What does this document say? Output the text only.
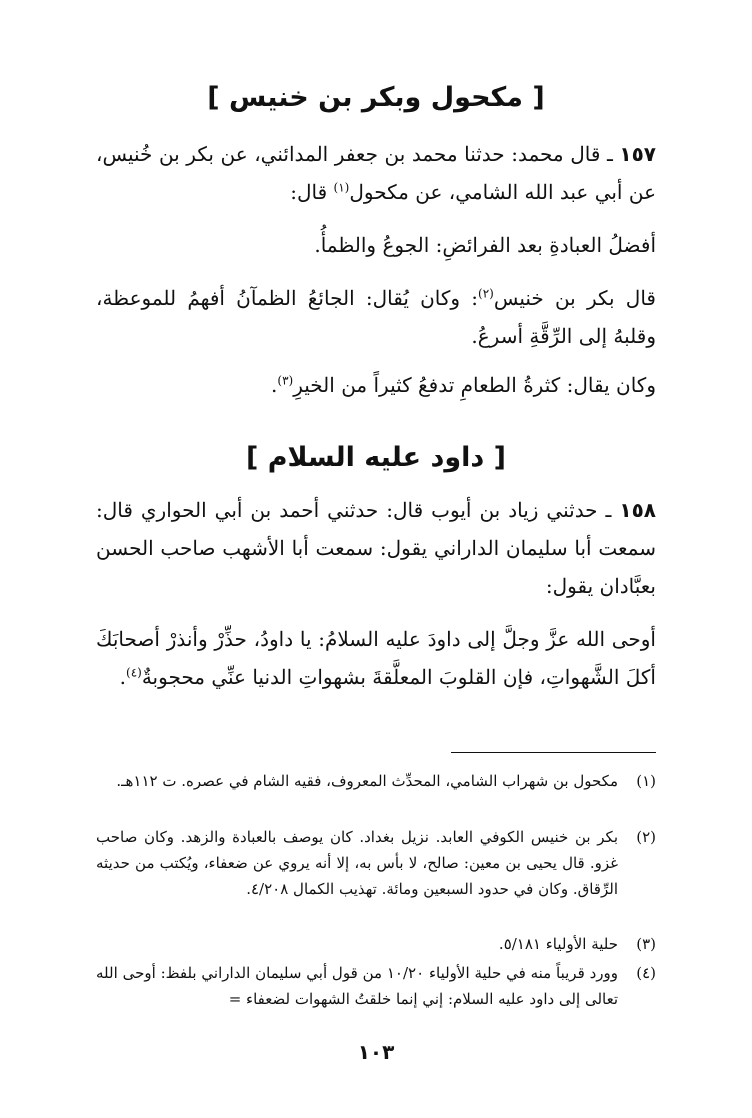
[ مكحول وبكر بن خنيس ]
١٥٧ ـ قال محمد: حدثنا محمد بن جعفر المدائني، عن بكر بن خُنيس، عن أبي عبد الله الشامي، عن مكحول$^{(١)}$ قال:
أفضلُ العبادةِ بعد الفرائضِ: الجوعُ والظمأُ.
قال بكر بن خنيس$^{(٢)}$: وكان يُقال: الجائعُ الظمآنُ أفهمُ للموعظة، وقلبهُ إلى الرِّقَّةِ أسرعُ.
وكان يقال: كثرةُ الطعامِ تدفعُ كثيراً من الخيرِ$^{(٣)}$.
[ داود عليه السلام ]
١٥٨ ـ حدثني زياد بن أيوب قال: حدثني أحمد بن أبي الحواري قال: سمعت أبا سليمان الداراني يقول: سمعت أبا الأشهب صاحب الحسن بعبَّادان يقول:
أوحى الله عزَّ وجلَّ إلى داودَ عليه السلامُ: يا داودُ، حذِّرْ وأنذرْ أصحابَكَ أكلَ الشَّهواتِ، فإن القلوبَ المعلَّقةَ بشهواتِ الدنيا عنِّي محجوبةٌ$^{(٤)}$.
(١)
مكحول بن شهراب الشامي، المحدِّث المعروف، فقيه الشام في عصره. ت ١١٢هـ.
(٢)
بكر بن خنيس الكوفي العابد. نزيل بغداد. كان يوصف بالعبادة والزهد. وكان صاحب غزو. قال يحيى بن معين: صالح، لا بأس به، إلا أنه يروي عن ضعفاء، ويُكتب من حديثه الرِّقاق. وكان في حدود السبعين ومائة. تهذيب الكمال ٤/٢٠٨.
(٣)
حلية الأولياء ٥/١٨١.
(٤)
وورد قريباً منه في حلية الأولياء ١٠/٢٠ من قول أبي سليمان الداراني بلفظ: أوحى الله تعالى إلى داود عليه السلام: إني إنما خلقتُ الشهوات لضعفاء =
١٠٣
